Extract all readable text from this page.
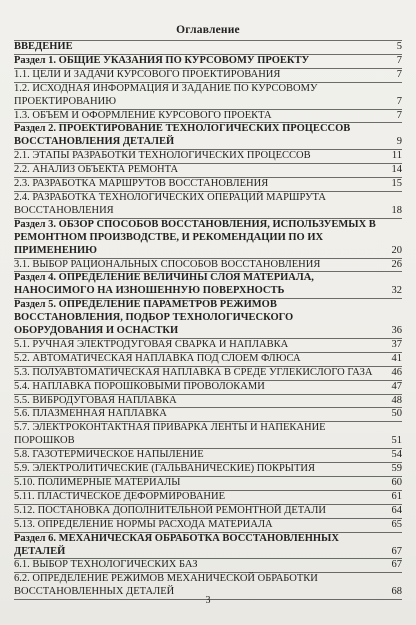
Оглавление
ВВЕДЕНИЕ	5
Раздел 1. ОБЩИЕ УКАЗАНИЯ ПО КУРСОВОМУ ПРОЕКТУ	7
1.1. ЦЕЛИ И ЗАДАЧИ КУРСОВОГО ПРОЕКТИРОВАНИЯ	7
1.2. ИСХОДНАЯ ИНФОРМАЦИЯ И ЗАДАНИЕ ПО КУРСОВОМУ ПРОЕКТИРОВАНИЮ	7
1.3. ОБЪЕМ И ОФОРМЛЕНИЕ КУРСОВОГО ПРОЕКТА	7
Раздел 2. ПРОЕКТИРОВАНИЕ ТЕХНОЛОГИЧЕСКИХ ПРОЦЕССОВ ВОССТАНОВЛЕНИЯ ДЕТАЛЕЙ	9
2.1. ЭТАПЫ РАЗРАБОТКИ ТЕХНОЛОГИЧЕСКИХ ПРОЦЕССОВ	11
2.2. АНАЛИЗ ОБЪЕКТА РЕМОНТА	14
2.3. РАЗРАБОТКА МАРШРУТОВ ВОССТАНОВЛЕНИЯ	15
2.4. РАЗРАБОТКА ТЕХНОЛОГИЧЕСКИХ ОПЕРАЦИЙ МАРШРУТА ВОССТАНОВЛЕНИЯ	18
Раздел 3. ОБЗОР СПОСОБОВ ВОССТАНОВЛЕНИЯ, ИСПОЛЬЗУЕМЫХ В РЕМОНТНОМ ПРОИЗВОДСТВЕ, И РЕКОМЕНДАЦИИ ПО ИХ ПРИМЕНЕНИЮ	20
3.1. ВЫБОР РАЦИОНАЛЬНЫХ СПОСОБОВ ВОССТАНОВЛЕНИЯ	26
Раздел 4. ОПРЕДЕЛЕНИЕ ВЕЛИЧИНЫ СЛОЯ МАТЕРИАЛА, НАНОСИМОГО НА ИЗНОШЕННУЮ ПОВЕРХНОСТЬ	32
Раздел 5. ОПРЕДЕЛЕНИЕ ПАРАМЕТРОВ РЕЖИМОВ ВОССТАНОВЛЕНИЯ, ПОДБОР ТЕХНОЛОГИЧЕСКОГО ОБОРУДОВАНИЯ И ОСНАСТКИ	36
5.1. РУЧНАЯ ЭЛЕКТРОДУГОВАЯ СВАРКА И НАПЛАВКА	37
5.2. АВТОМАТИЧЕСКАЯ НАПЛАВКА ПОД СЛОЕМ ФЛЮСА	41
5.3. ПОЛУАВТОМАТИЧЕСКАЯ НАПЛАВКА В СРЕДЕ УГЛЕКИСЛОГО ГАЗА	46
5.4. НАПЛАВКА ПОРОШКОВЫМИ ПРОВОЛОКАМИ	47
5.5. ВИБРОДУГОВАЯ НАПЛАВКА	48
5.6. ПЛАЗМЕННАЯ НАПЛАВКА	50
5.7. ЭЛЕКТРОКОНТАКТНАЯ ПРИВАРКА ЛЕНТЫ И НАПЕКАНИЕ ПОРОШКОВ	51
5.8. ГАЗОТЕРМИЧЕСКОЕ НАПЫЛЕНИЕ	54
5.9. ЭЛЕКТРОЛИТИЧЕСКИЕ (ГАЛЬВАНИЧЕСКИЕ) ПОКРЫТИЯ	59
5.10. ПОЛИМЕРНЫЕ МАТЕРИАЛЫ	60
5.11. ПЛАСТИЧЕСКОЕ ДЕФОРМИРОВАНИЕ	61
5.12. ПОСТАНОВКА ДОПОЛНИТЕЛЬНОЙ РЕМОНТНОЙ ДЕТАЛИ	64
5.13. ОПРЕДЕЛЕНИЕ НОРМЫ РАСХОДА МАТЕРИАЛА	65
Раздел 6. МЕХАНИЧЕСКАЯ ОБРАБОТКА ВОССТАНОВЛЕННЫХ ДЕТАЛЕЙ	67
6.1. ВЫБОР ТЕХНОЛОГИЧЕСКИХ БАЗ	67
6.2. ОПРЕДЕЛЕНИЕ РЕЖИМОВ МЕХАНИЧЕСКОЙ ОБРАБОТКИ ВОССТАНОВЛЕННЫХ ДЕТАЛЕЙ	68
3
